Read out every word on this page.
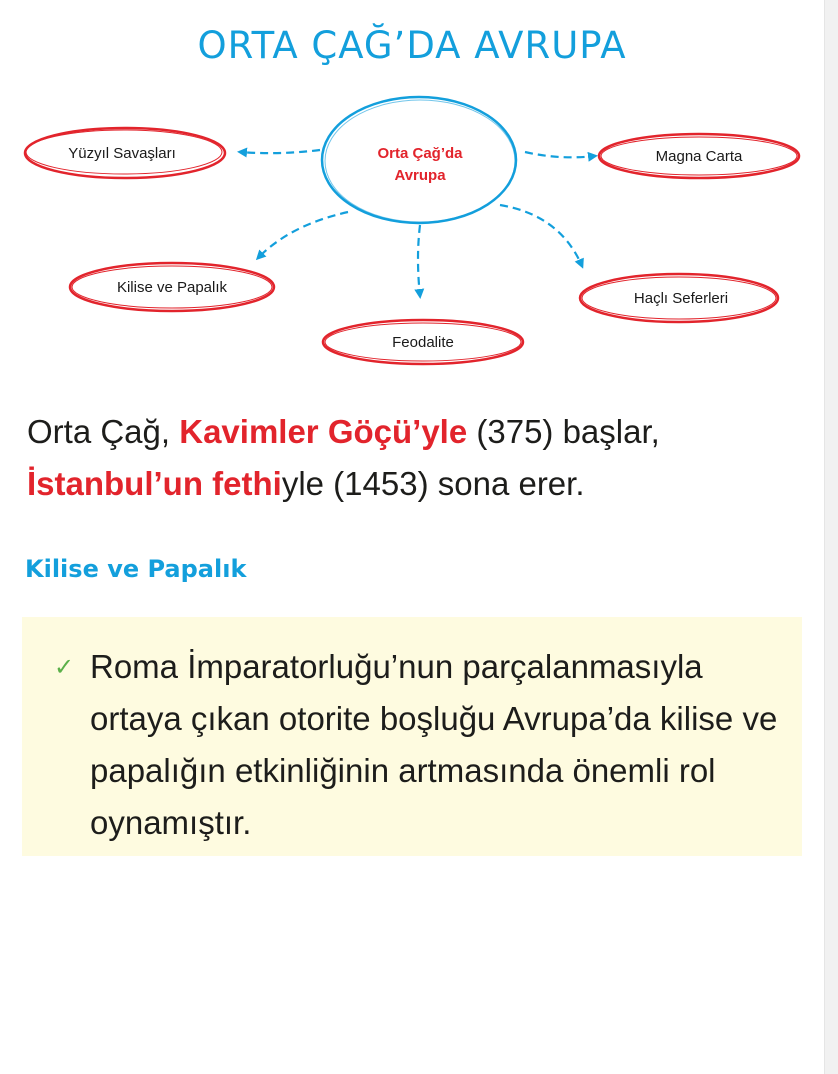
ORTA ÇAĞ’DA AVRUPA
Orta Çağ’da
Avrupa
Yüzyıl Savaşları	Magna Carta
Kilise ve Papalık
Feodalite
Haçlı Seferleri

Orta Çağ, Kavimler Göçü’yle (375) başlar,
İstanbul’un fethiyle (1453) sona erer.

Kilise ve Papalık
✓ Roma İmparatorluğu’nun parçalanmasıyla ortaya çıkan otorite boşluğu Avrupa’da kilise ve papalığın etkinliğinin artmasında önemli rol oynamıştır.
